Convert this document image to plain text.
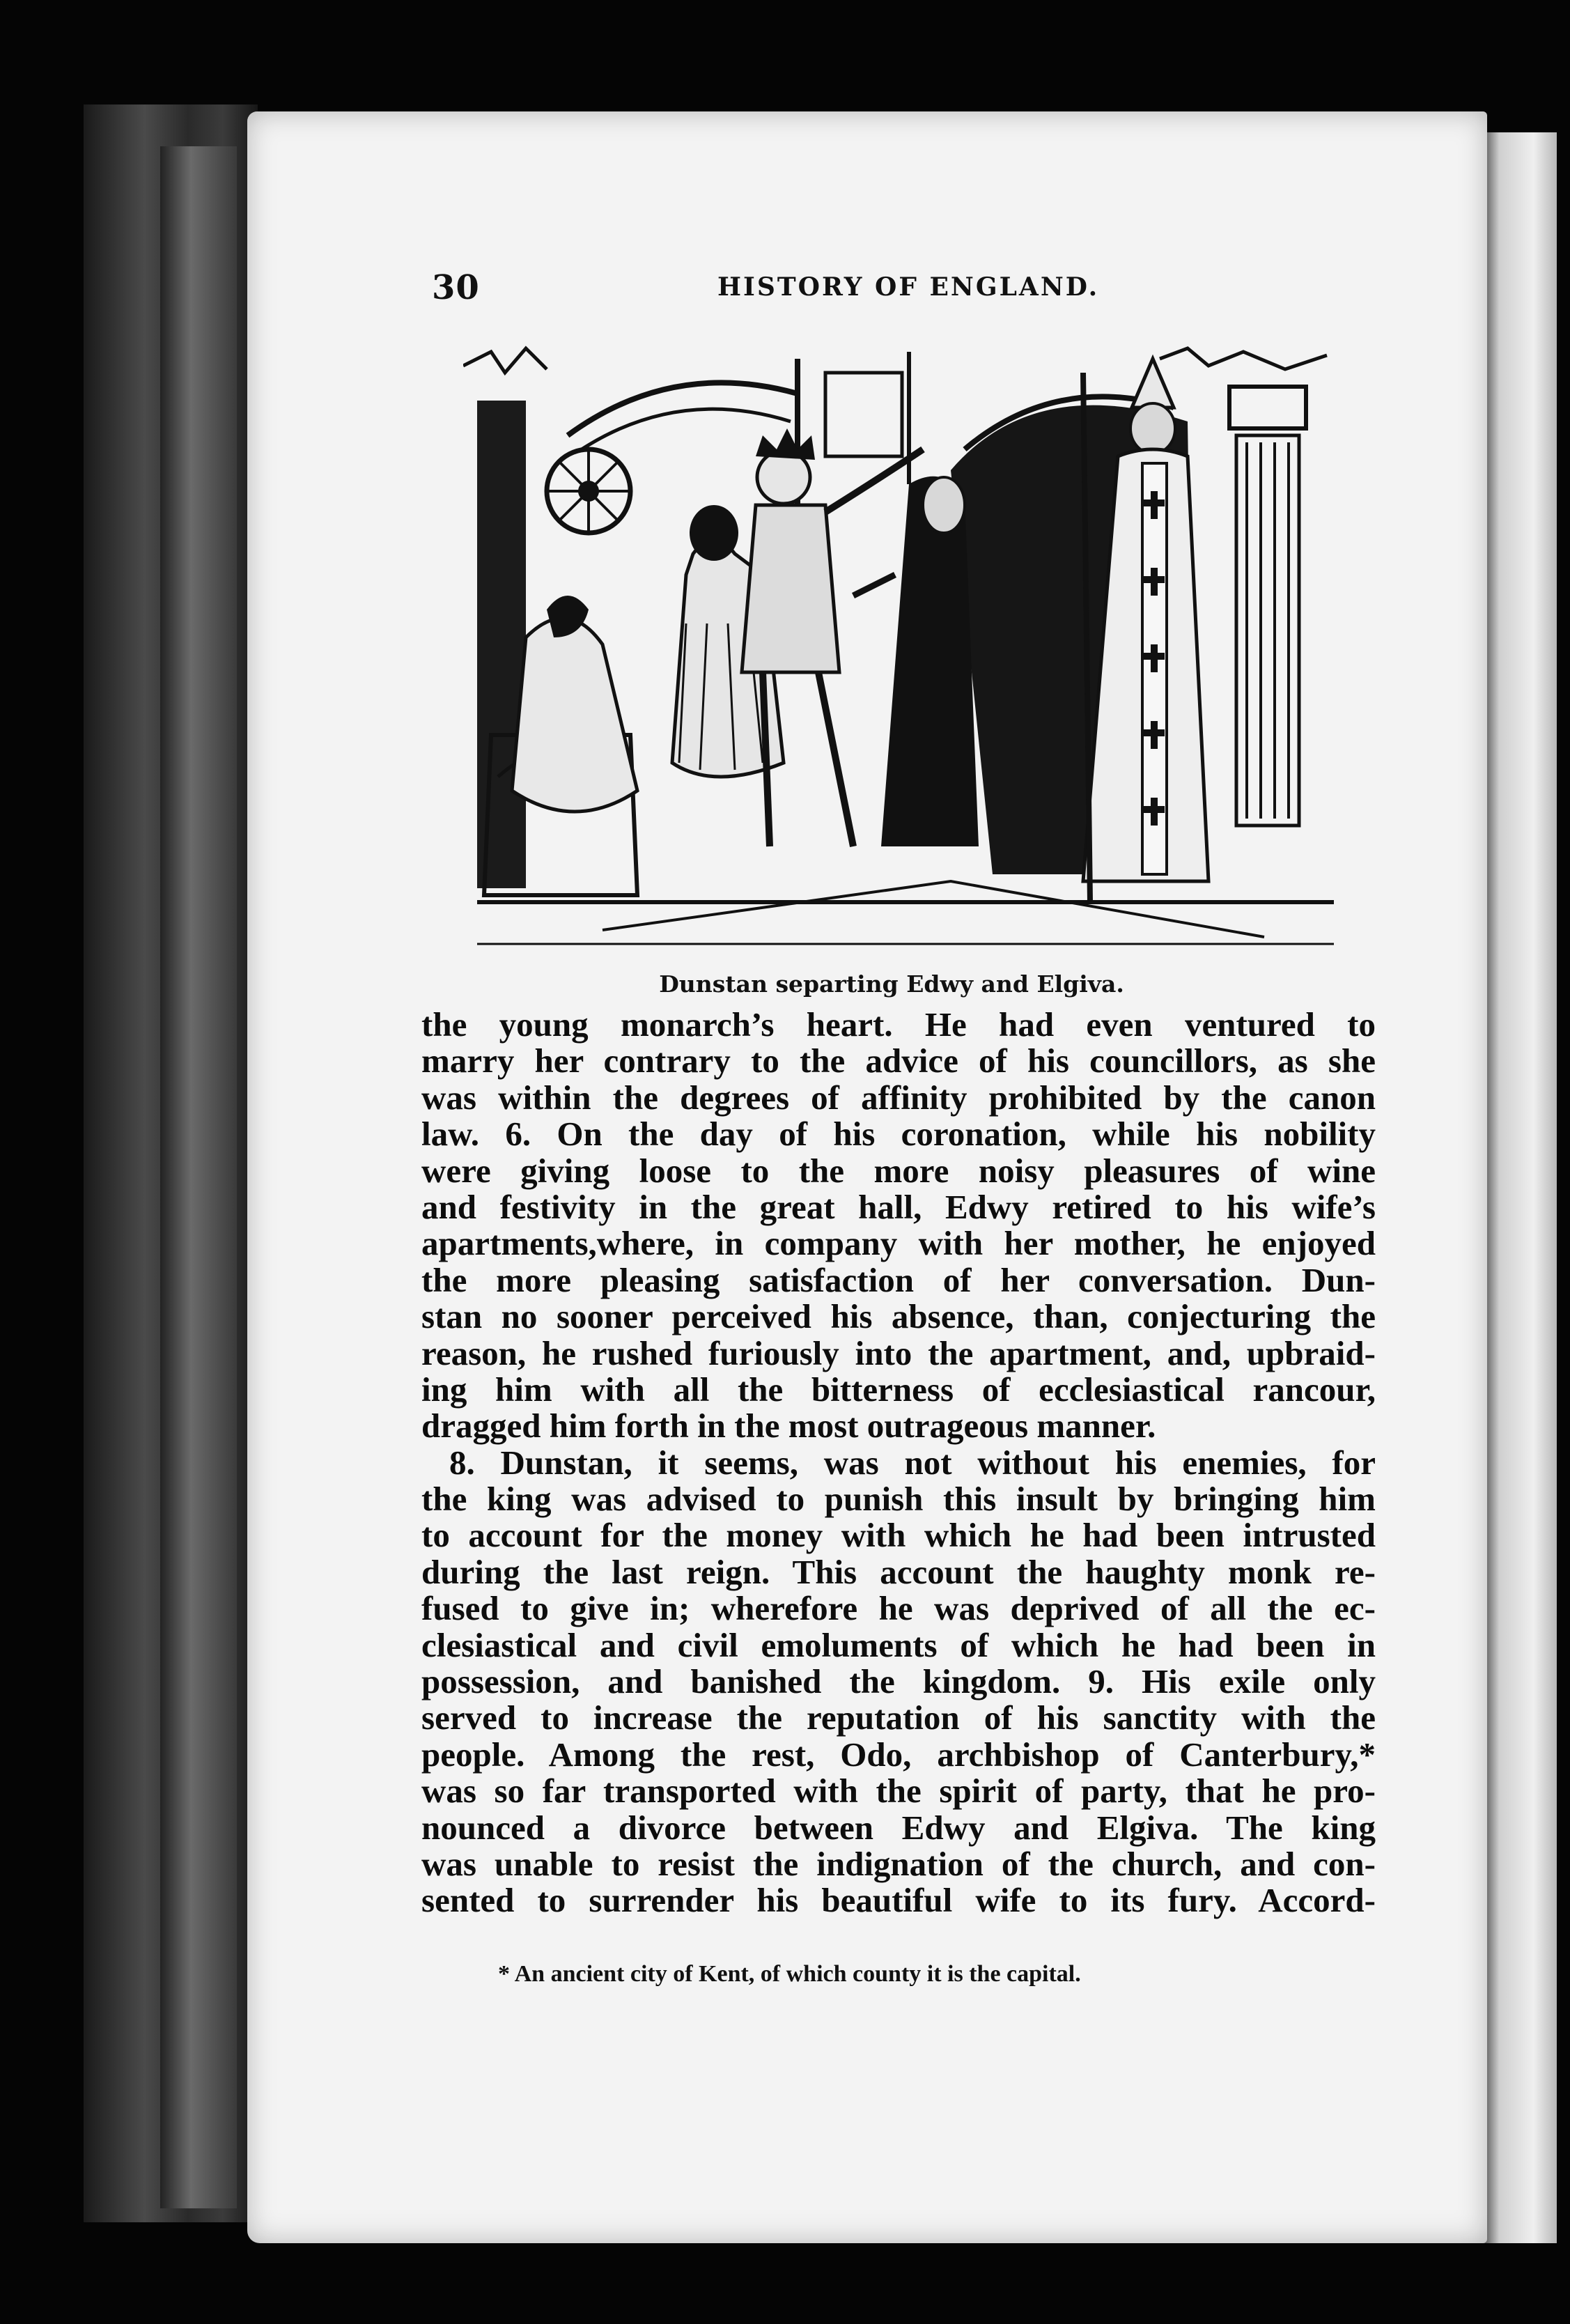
30	HISTORY OF ENGLAND.
Dunstan separting Edwy and Elgiva.
the young monarch’s heart. He had even ventured to
marry her contrary to the advice of his councillors, as she
was within the degrees of affinity prohibited by the canon
law. 6. On the day of his coronation, while his nobility
were giving loose to the more noisy pleasures of wine
and festivity in the great hall, Edwy retired to his wife’s
apartments,where, in company with her mother, he enjoyed
the more pleasing satisfaction of her conversation. Dun-
stan no sooner perceived his absence, than, conjecturing the
reason, he rushed furiously into the apartment, and, upbraid-
ing him with all the bitterness of ecclesiastical rancour,
dragged him forth in the most outrageous manner.
8. Dunstan, it seems, was not without his enemies, for
the king was advised to punish this insult by bringing him
to account for the money with which he had been intrusted
during the last reign. This account the haughty monk re-
fused to give in; wherefore he was deprived of all the ec-
clesiastical and civil emoluments of which he had been in
possession, and banished the kingdom. 9. His exile only
served to increase the reputation of his sanctity with the
people. Among the rest, Odo, archbishop of Canterbury,*
was so far transported with the spirit of party, that he pro-
nounced a divorce between Edwy and Elgiva. The king
was unable to resist the indignation of the church, and con-
sented to surrender his beautiful wife to its fury. Accord-
* An ancient city of Kent, of which county it is the capital.
